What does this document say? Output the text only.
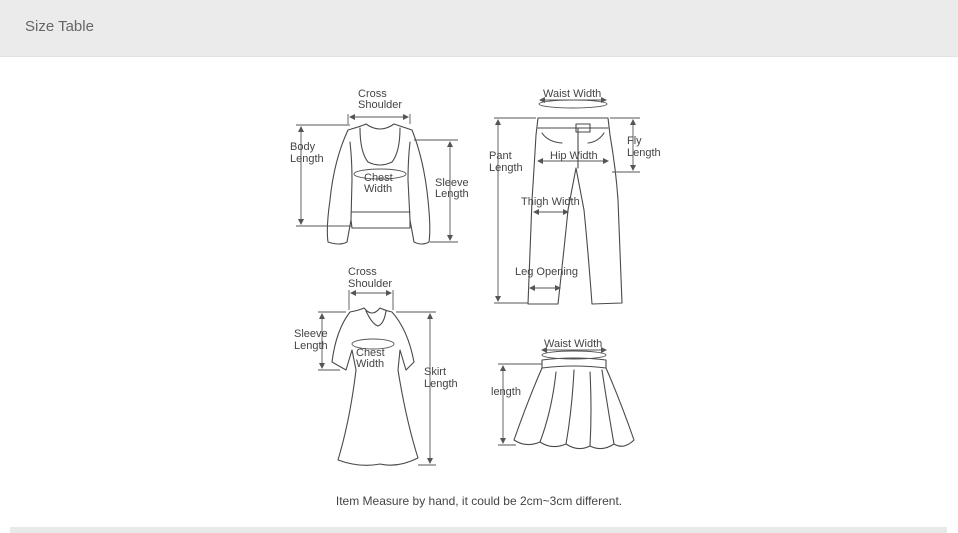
Size Table
Cross
Shoulder
Body
Length
Chest
Width	Sleeve
Length
Waist Width
Fly
Length
Pant
Length
Hip Width
Thigh Width
Leg Opening
Cross
Shoulder
Sleeve
Length
Chest
Width
Skirt
Length
Waist Width
length
Item Measure by hand, it could be 2cm~3cm different.
